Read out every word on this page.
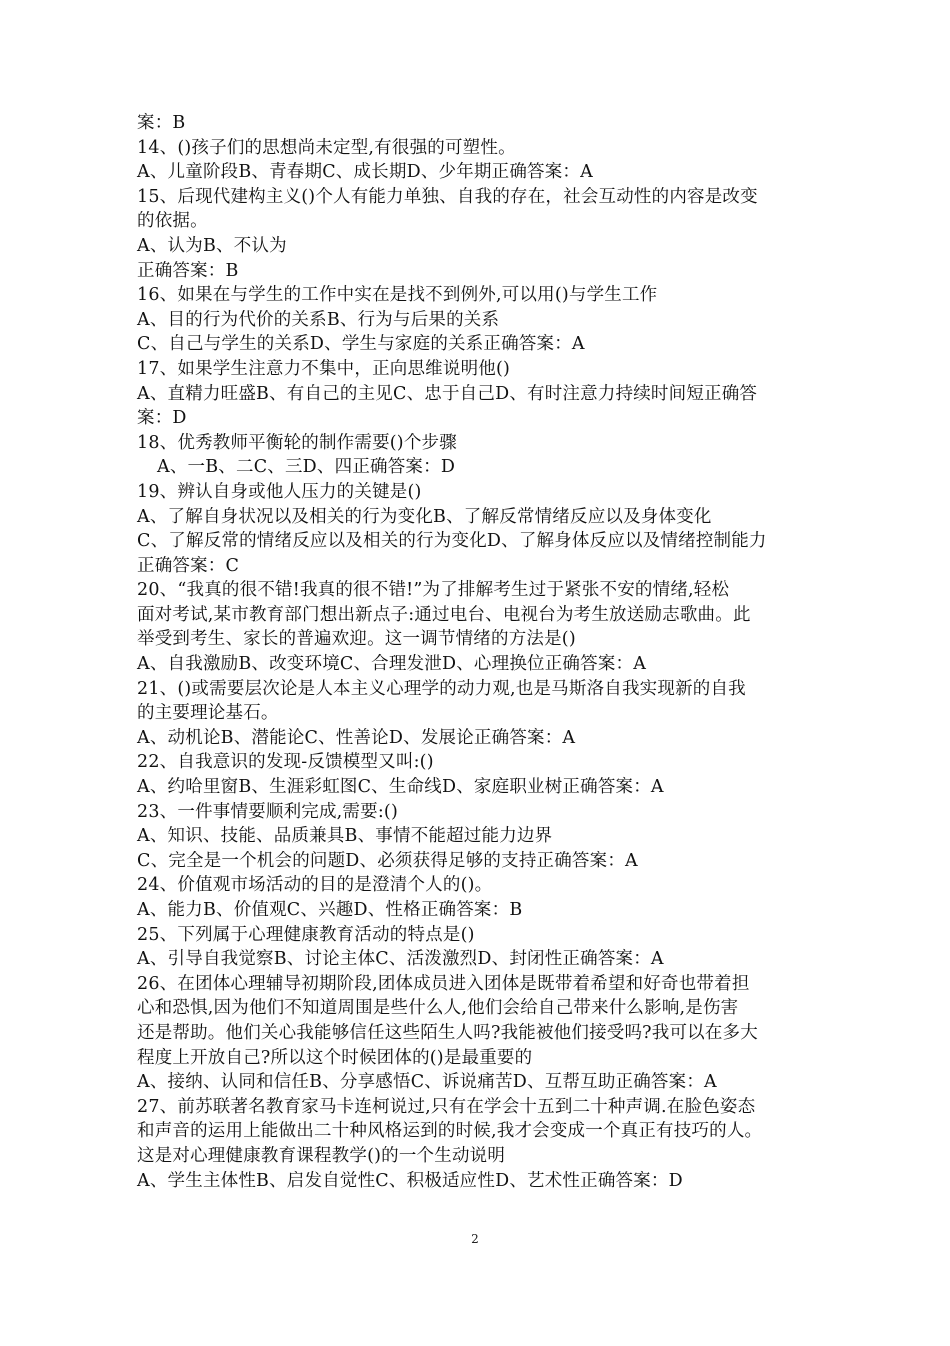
案：B
14、()孩子们的思想尚未定型,有很强的可塑性。
A、儿童阶段B、青春期C、成长期D、少年期正确答案：A
15、后现代建构主义()个人有能力单独、自我的存在，社会互动性的内容是改变
的依据。
A、认为B、不认为
正确答案：B
16、如果在与学生的工作中实在是找不到例外,可以用()与学生工作
A、目的行为代价的关系B、行为与后果的关系
C、自己与学生的关系D、学生与家庭的关系正确答案：A
17、如果学生注意力不集中，正向思维说明他()
A、直精力旺盛B、有自己的主见C、忠于自己D、有时注意力持续时间短正确答
案：D
18、优秀教师平衡轮的制作需要()个步骤
A、一B、二C、三D、四正确答案：D
19、辨认自身或他人压力的关键是()
A、了解自身状况以及相关的行为变化B、了解反常情绪反应以及身体变化
C、了解反常的情绪反应以及相关的行为变化D、了解身体反应以及情绪控制能力
正确答案：C
20、“我真的很不错!我真的很不错!”为了排解考生过于紧张不安的情绪,轻松
面对考试,某市教育部门想出新点子:通过电台、电视台为考生放送励志歌曲。此
举受到考生、家长的普遍欢迎。这一调节情绪的方法是()
A、自我激励B、改变环境C、合理发泄D、心理换位正确答案：A
21、()或需要层次论是人本主义心理学的动力观,也是马斯洛自我实现新的自我
的主要理论基石。
A、动机论B、潜能论C、性善论D、发展论正确答案：A
22、自我意识的发现-反馈模型又叫:()
A、约哈里窗B、生涯彩虹图C、生命线D、家庭职业树正确答案：A
23、一件事情要顺利完成,需要:()
A、知识、技能、品质兼具B、事情不能超过能力边界
C、完全是一个机会的问题D、必须获得足够的支持正确答案：A
24、价值观市场活动的目的是澄清个人的()。
A、能力B、价值观C、兴趣D、性格正确答案：B
25、下列属于心理健康教育活动的特点是()
A、引导自我觉察B、讨论主体C、活泼激烈D、封闭性正确答案：A
26、在团体心理辅导初期阶段,团体成员进入团体是既带着希望和好奇也带着担
心和恐惧,因为他们不知道周围是些什么人,他们会给自己带来什么影响,是伤害
还是帮助。他们关心我能够信任这些陌生人吗?我能被他们接受吗?我可以在多大
程度上开放自己?所以这个时候团体的()是最重要的
A、接纳、认同和信任B、分享感悟C、诉说痛苦D、互帮互助正确答案：A
27、前苏联著名教育家马卡连柯说过,只有在学会十五到二十种声调.在脸色姿态
和声音的运用上能做出二十种风格运到的时候,我才会变成一个真正有技巧的人。
这是对心理健康教育课程教学()的一个生动说明
A、学生主体性B、启发自觉性C、积极适应性D、艺术性正确答案：D
2
